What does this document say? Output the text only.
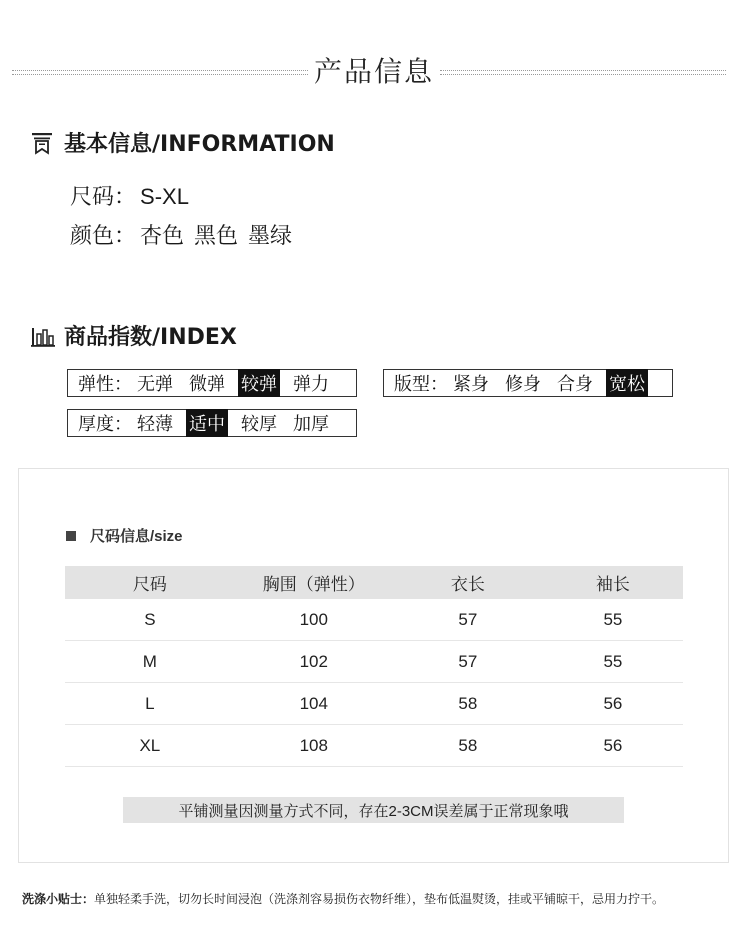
产品信息
基本信息/INFORMATION
尺码： S-XL
颜色： 杏色 黑色 墨绿
商品指数/INDEX
弹性： 无弹 微弹 较弹 弹力	版型： 紧身 修身 合身 宽松
厚度： 轻薄 适中 较厚 加厚
尺码信息/size
尺码	胸围（弹性）	衣长	袖长
S	100	57	55
M	102	57	55
L	104	58	56
XL	108	58	56
平铺测量因测量方式不同，存在2-3CM误差属于正常现象哦
洗涤小贴士：单独轻柔手洗，切勿长时间浸泡（洗涤剂容易损伤衣物纤维），垫布低温熨烫，挂或平铺晾干，忌用力拧干。
